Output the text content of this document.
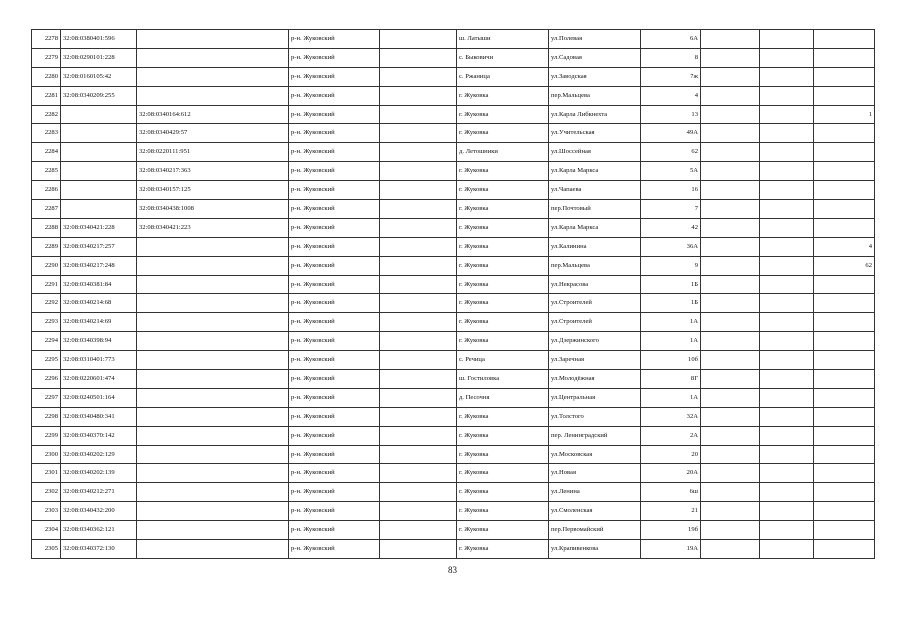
2278	32:08:0380401:596		р-н. Жуковский		ш. Латыши	ул.Полевая	6А			
2279	32:08:0290101:228		р-н. Жуковский		с. Быковичи	ул.Садовая	8			
2280	32:08:0160105:42		р-н. Жуковский		с. Ржаница	ул.Заводская	7ж			
2281	32:08:0340209:255		р-н. Жуковский		г. Жуковка	пер.Мальцева	4			
2282		32:08:0340164:612	р-н. Жуковский		г. Жуковка	ул.Карла Либкнехта	13			1
2283		32:08:0340429:57	р-н. Жуковский		г. Жуковка	ул.Учительская	49А			
2284		32:08:0220111:951	р-н. Жуковский		д. Летошники	ул.Шоссейная	62			
2285		32:08:0340217:363	р-н. Жуковский		г. Жуковка	ул.Карла Маркса	5А			
2286		32:08:0340157:125	р-н. Жуковский		г. Жуковка	ул.Чапаева	16			
2287		32:08:0340438:1008	р-н. Жуковский		г. Жуковка	пер.Почтовый	7			
2288	32:08:0340421:228	32:08:0340421:223	р-н. Жуковский		г. Жуковка	ул.Карла Маркса	42			
2289	32:08:0340217:257		р-н. Жуковский		г. Жуковка	ул.Калинина	36А			4
2290	32:08:0340217:248		р-н. Жуковский		г. Жуковка	пер.Мальцева	9			62
2291	32:08:0340381:84		р-н. Жуковский		г. Жуковка	ул.Некрасова	1Б			
2292	32:08:0340214:68		р-н. Жуковский		г. Жуковка	ул.Строителей	1Б			
2293	32:08:0340214:69		р-н. Жуковский		г. Жуковка	ул.Строителей	1А			
2294	32:08:0340398:94		р-н. Жуковский		г. Жуковка	ул.Дзержинского	1А			
2295	32:08:0310401:773		р-н. Жуковский		с. Речица	ул.Заречная	10б			
2296	32:08:0220601:474		р-н. Жуковский		ш. Гостиловка	ул.Молодёжная	8Г			
2297	32:08:0240501:164		р-н. Жуковский		д. Песочня	ул.Центральная	1А			
2298	32:08:0340480:341		р-н. Жуковский		г. Жуковка	ул.Толстого	32А			
2299	32:08:0340370:142		р-н. Жуковский		г. Жуковка	пер. Ленинградский	2А			
2300	32:08:0340202:129		р-н. Жуковский		г. Жуковка	ул.Московская	20			
2301	32:08:0340202:139		р-н. Жуковский		г. Жуковка	ул.Новая	20А			
2302	32:08:0340212:271		р-н. Жуковский		г. Жуковка	ул.Ленина	6ш			
2303	32:08:0340432:200		р-н. Жуковский		г. Жуковка	ул.Смоленская	21			
2304	32:08:0340362:121		р-н. Жуковский		г. Жуковка	пер.Первомайский	19б			
2305	32:08:0340372:130		р-н. Жуковский		г. Жуковка	ул.Крапивенкова	19А			
83
